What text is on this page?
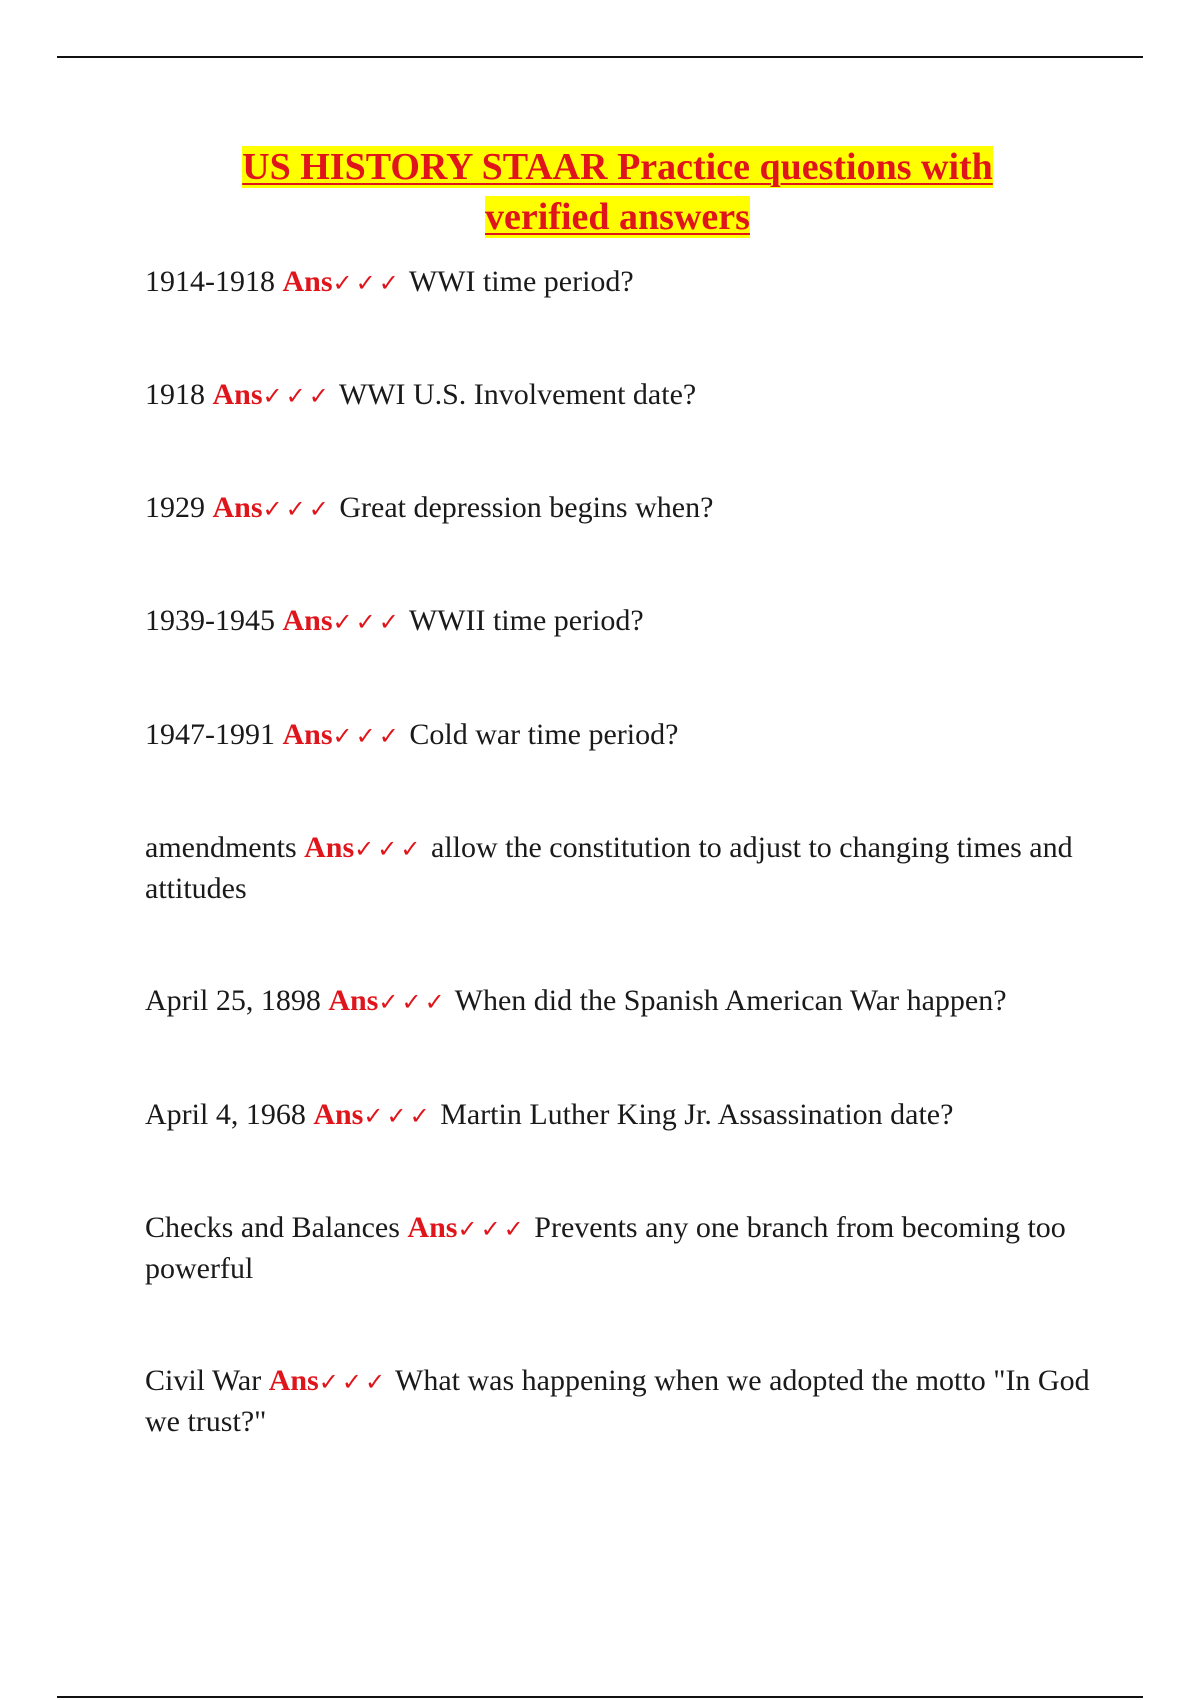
US HISTORY STAAR Practice questions with
verified answers

1914-1918 Ans✓✓✓ WWI time period?

1918 Ans✓✓✓ WWI U.S. Involvement date?

1929 Ans✓✓✓ Great depression begins when?

1939-1945 Ans✓✓✓ WWII time period?

1947-1991 Ans✓✓✓ Cold war time period?

amendments Ans✓✓✓ allow the constitution to adjust to changing times and attitudes

April 25, 1898 Ans✓✓✓ When did the Spanish American War happen?

April 4, 1968 Ans✓✓✓ Martin Luther King Jr. Assassination date?

Checks and Balances Ans✓✓✓ Prevents any one branch from becoming too powerful

Civil War Ans✓✓✓ What was happening when we adopted the motto "In God we trust?"
